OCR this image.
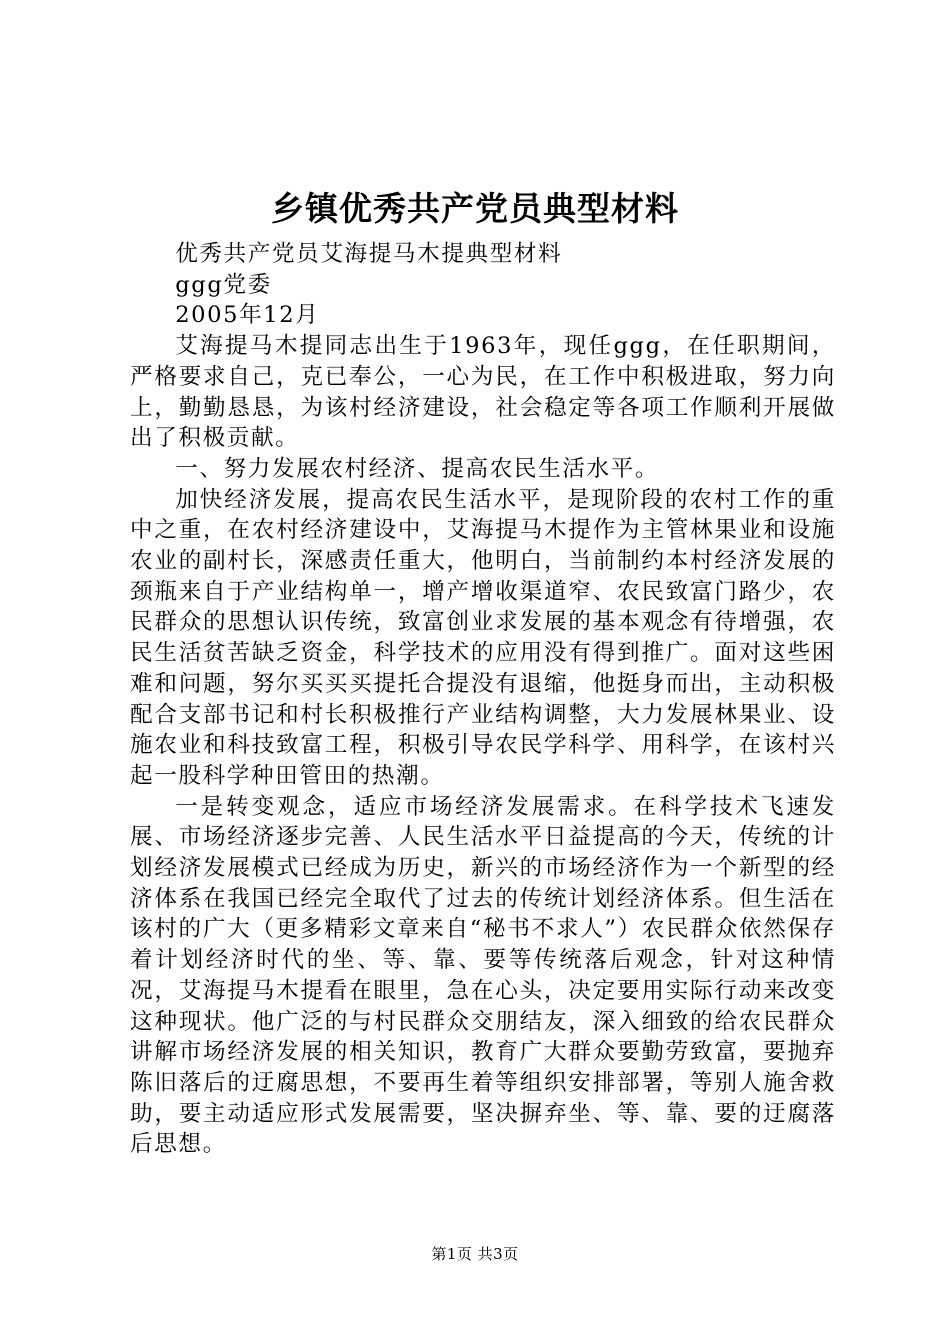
乡镇优秀共产党员典型材料

优秀共产党员艾海提马木提典型材料

ggg党委

2005年12月

艾海提马木提同志出生于1963年，现任ggg，在任职期间，严格要求自己，克已奉公，一心为民，在工作中积极进取，努力向上，勤勤恳恳，为该村经济建设，社会稳定等各项工作顺利开展做出了积极贡献。

一、努力发展农村经济、提高农民生活水平。

加快经济发展，提高农民生活水平，是现阶段的农村工作的重中之重，在农村经济建设中，艾海提马木提作为主管林果业和设施农业的副村长，深感责任重大，他明白，当前制约本村经济发展的颈瓶来自于产业结构单一，增产增收渠道窄、农民致富门路少，农民群众的思想认识传统，致富创业求发展的基本观念有待增强，农民生活贫苦缺乏资金，科学技术的应用没有得到推广。面对这些困难和问题，努尔买买买提托合提没有退缩，他挺身而出，主动积极配合支部书记和村长积极推行产业结构调整，大力发展林果业、设施农业和科技致富工程，积极引导农民学科学、用科学，在该村兴起一股科学种田管田的热潮。

一是转变观念，适应市场经济发展需求。在科学技术飞速发展、市场经济逐步完善、人民生活水平日益提高的今天，传统的计划经济发展模式已经成为历史，新兴的市场经济作为一个新型的经济体系在我国已经完全取代了过去的传统计划经济体系。但生活在该村的广大（更多精彩文章来自“秘书不求人”）农民群众依然保存着计划经济时代的坐、等、靠、要等传统落后观念，针对这种情况，艾海提马木提看在眼里，急在心头，决定要用实际行动来改变这种现状。他广泛的与村民群众交朋结友，深入细致的给农民群众讲解市场经济发展的相关知识，教育广大群众要勤劳致富，要抛弃陈旧落后的迂腐思想，不要再生着等组织安排部署，等别人施舍救助，要主动适应形式发展需要，坚决摒弃坐、等、靠、要的迂腐落后思想。

第1页 共3页
